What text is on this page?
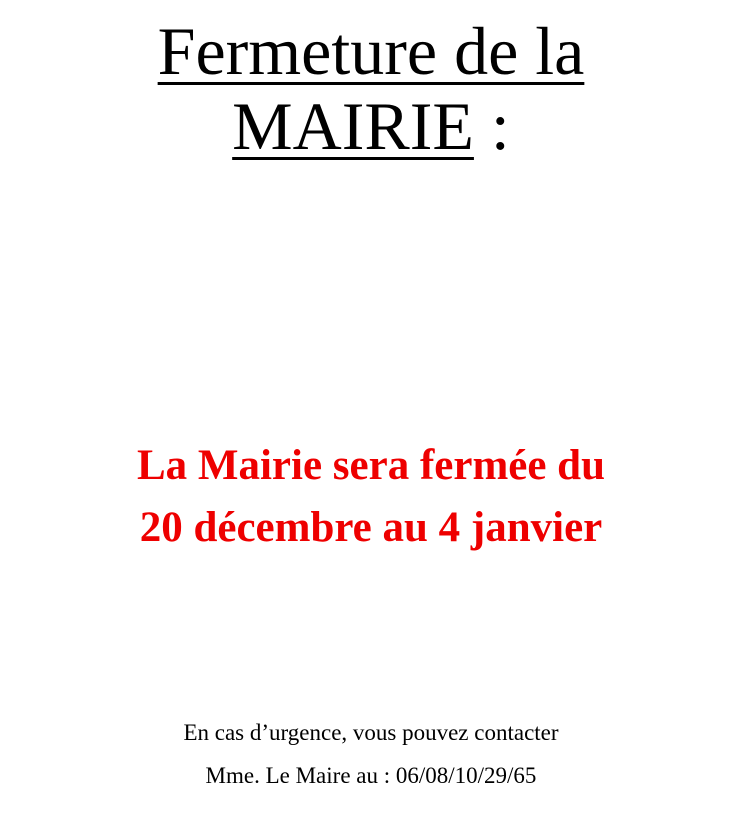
Fermeture de la
MAIRIE :
La Mairie sera fermée du
20 décembre au 4 janvier
En cas d’urgence, vous pouvez contacter
Mme. Le Maire au : 06/08/10/29/65
